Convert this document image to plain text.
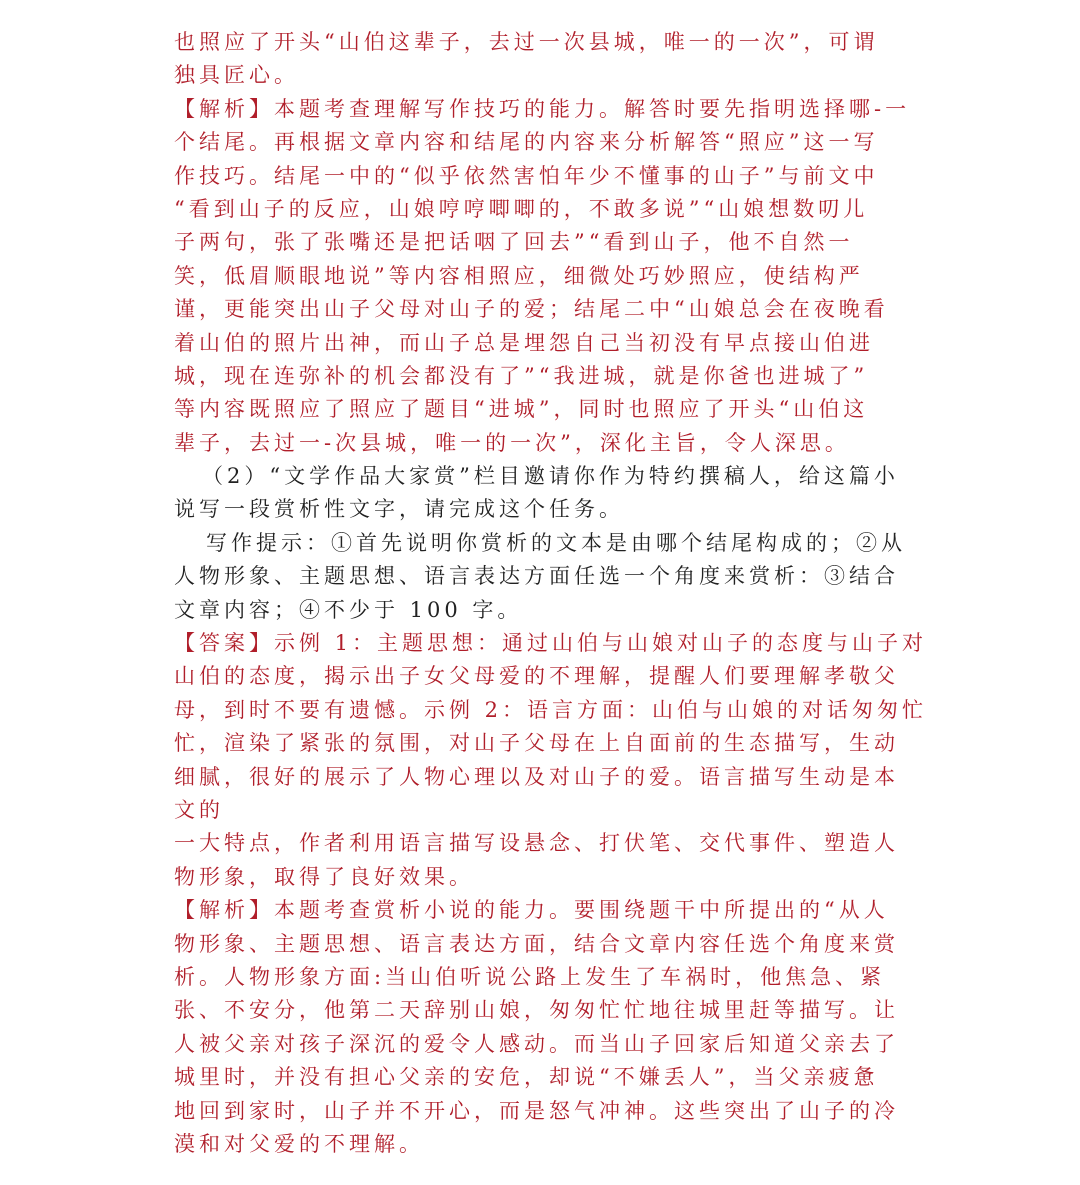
也照应了开头“山伯这辈子，去过一次县城，唯一的一次”，可谓
独具匠心。
【解析】本题考查理解写作技巧的能力。解答时要先指明选择哪-一
个结尾。再根据文章内容和结尾的内容来分析解答“照应”这一写
作技巧。结尾一中的“似乎依然害怕年少不懂事的山子”与前文中
“看到山子的反应，山娘哼哼唧唧的，不敢多说”“山娘想数叨儿
子两句，张了张嘴还是把话咽了回去”“看到山子，他不自然一
笑，低眉顺眼地说”等内容相照应，细微处巧妙照应，使结构严
谨，更能突出山子父母对山子的爱；结尾二中“山娘总会在夜晚看
着山伯的照片出神，而山子总是埋怨自己当初没有早点接山伯进
城，现在连弥补的机会都没有了”“我进城，就是你爸也进城了”
等内容既照应了照应了题目“进城”，同时也照应了开头“山伯这
辈子，去过一-次县城，唯一的一次”，深化主旨，令人深思。
（2）“文学作品大家赏”栏目邀请你作为特约撰稿人，给这篇小
说写一段赏析性文字，请完成这个任务。
写作提示：①首先说明你赏析的文本是由哪个结尾构成的；②从
人物形象、主题思想、语言表达方面任选一个角度来赏析：③结合
文章内容；④不少于 100 字。
【答案】示例 1：主题思想：通过山伯与山娘对山子的态度与山子对
山伯的态度，揭示出子女父母爱的不理解，提醒人们要理解孝敬父
母，到时不要有遗憾。示例 2：语言方面：山伯与山娘的对话匆匆忙
忙，渲染了紧张的氛围，对山子父母在上自面前的生态描写，生动
细腻，很好的展示了人物心理以及对山子的爱。语言描写生动是本
文的
一大特点，作者利用语言描写设悬念、打伏笔、交代事件、塑造人
物形象，取得了良好效果。
【解析】本题考查赏析小说的能力。要围绕题干中所提出的“从人
物形象、主题思想、语言表达方面，结合文章内容任选个角度来赏
析。人物形象方面:当山伯听说公路上发生了车祸时，他焦急、紧
张、不安分，他第二天辞别山娘，匆匆忙忙地往城里赶等描写。让
人被父亲对孩子深沉的爱令人感动。而当山子回家后知道父亲去了
城里时，并没有担心父亲的安危，却说“不嫌丢人”，当父亲疲惫
地回到家时，山子并不开心，而是怒气冲神。这些突出了山子的冷
漠和对父爱的不理解。
